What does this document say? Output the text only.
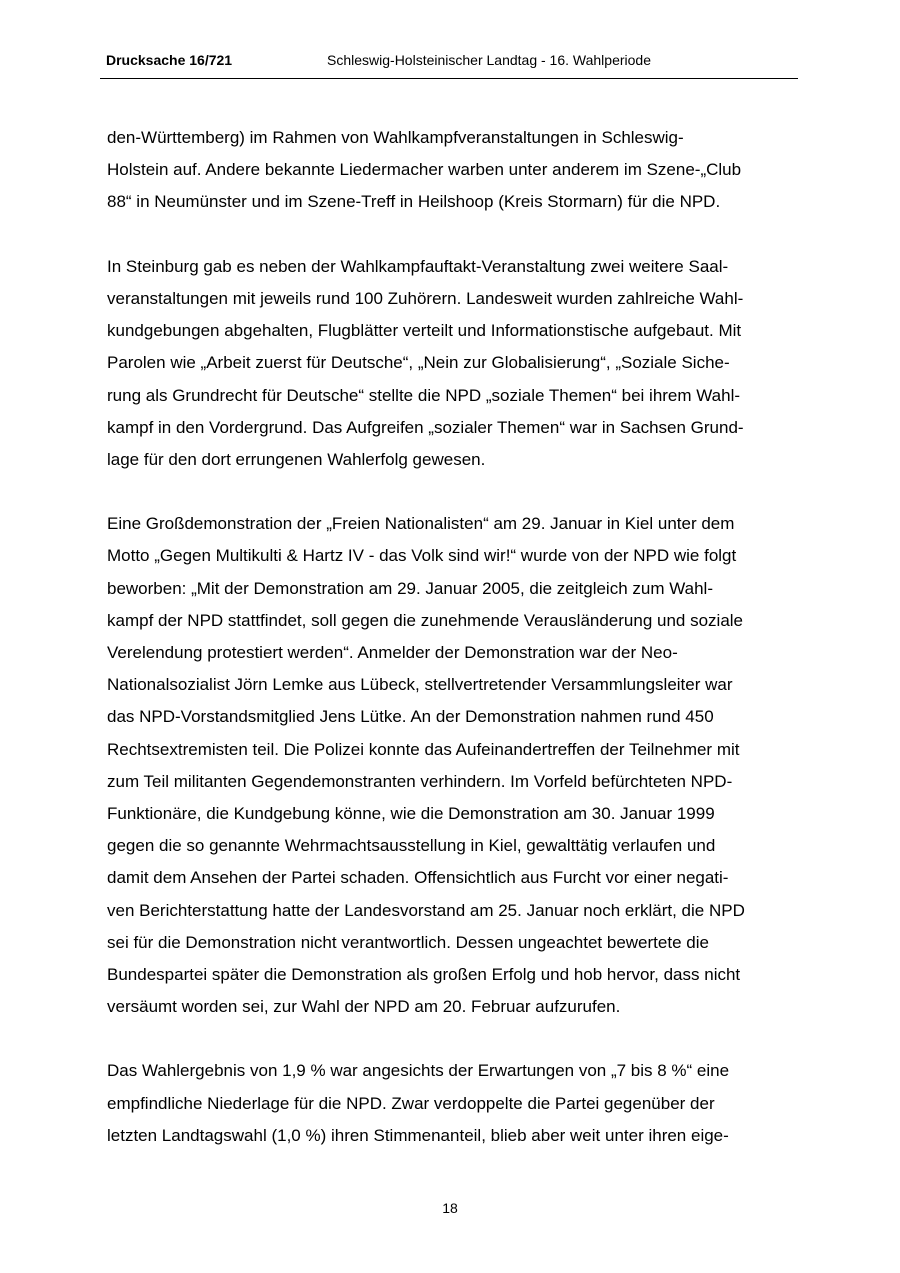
Drucksache 16/721	Schleswig-Holsteinischer Landtag - 16. Wahlperiode
den-Württemberg) im Rahmen von Wahlkampfveranstaltungen in Schleswig-
Holstein auf. Andere bekannte Liedermacher warben unter anderem im Szene-„Club
88“ in Neumünster und im Szene-Treff in Heilshoop (Kreis Stormarn) für die NPD.
In Steinburg gab es neben der Wahlkampfauftakt-Veranstaltung zwei weitere Saal-
veranstaltungen mit jeweils rund 100 Zuhörern. Landesweit wurden zahlreiche Wahl-
kundgebungen abgehalten, Flugblätter verteilt und Informationstische aufgebaut. Mit
Parolen wie „Arbeit zuerst für Deutsche“, „Nein zur Globalisierung“, „Soziale Siche-
rung als Grundrecht für Deutsche“ stellte die NPD „soziale Themen“ bei ihrem Wahl-
kampf in den Vordergrund. Das Aufgreifen „sozialer Themen“ war in Sachsen Grund-
lage für den dort errungenen Wahlerfolg gewesen.
Eine Großdemonstration der „Freien Nationalisten“ am 29. Januar in Kiel unter dem
Motto „Gegen Multikulti & Hartz IV - das Volk sind wir!“ wurde von der NPD wie folgt
beworben: „Mit der Demonstration am 29. Januar 2005, die zeitgleich zum Wahl-
kampf der NPD stattfindet, soll gegen die zunehmende Verausländerung und soziale
Verelendung protestiert werden“. Anmelder der Demonstration war der Neo-
Nationalsozialist Jörn Lemke aus Lübeck, stellvertretender Versammlungsleiter war
das NPD-Vorstandsmitglied Jens Lütke. An der Demonstration nahmen rund 450
Rechtsextremisten teil. Die Polizei konnte das Aufeinandertreffen der Teilnehmer mit
zum Teil militanten Gegendemonstranten verhindern. Im Vorfeld befürchteten NPD-
Funktionäre, die Kundgebung könne, wie die Demonstration am 30. Januar 1999
gegen die so genannte Wehrmachtsausstellung in Kiel, gewalttätig verlaufen und
damit dem Ansehen der Partei schaden. Offensichtlich aus Furcht vor einer negati-
ven Berichterstattung hatte der Landesvorstand am 25. Januar noch erklärt, die NPD
sei für die Demonstration nicht verantwortlich. Dessen ungeachtet bewertete die
Bundespartei später die Demonstration als großen Erfolg und hob hervor, dass nicht
versäumt worden sei, zur Wahl der NPD am 20. Februar aufzurufen.
Das Wahlergebnis von 1,9 % war angesichts der Erwartungen von „7 bis 8 %“ eine
empfindliche Niederlage für die NPD. Zwar verdoppelte die Partei gegenüber der
letzten Landtagswahl (1,0 %) ihren Stimmenanteil, blieb aber weit unter ihren eige-
18
